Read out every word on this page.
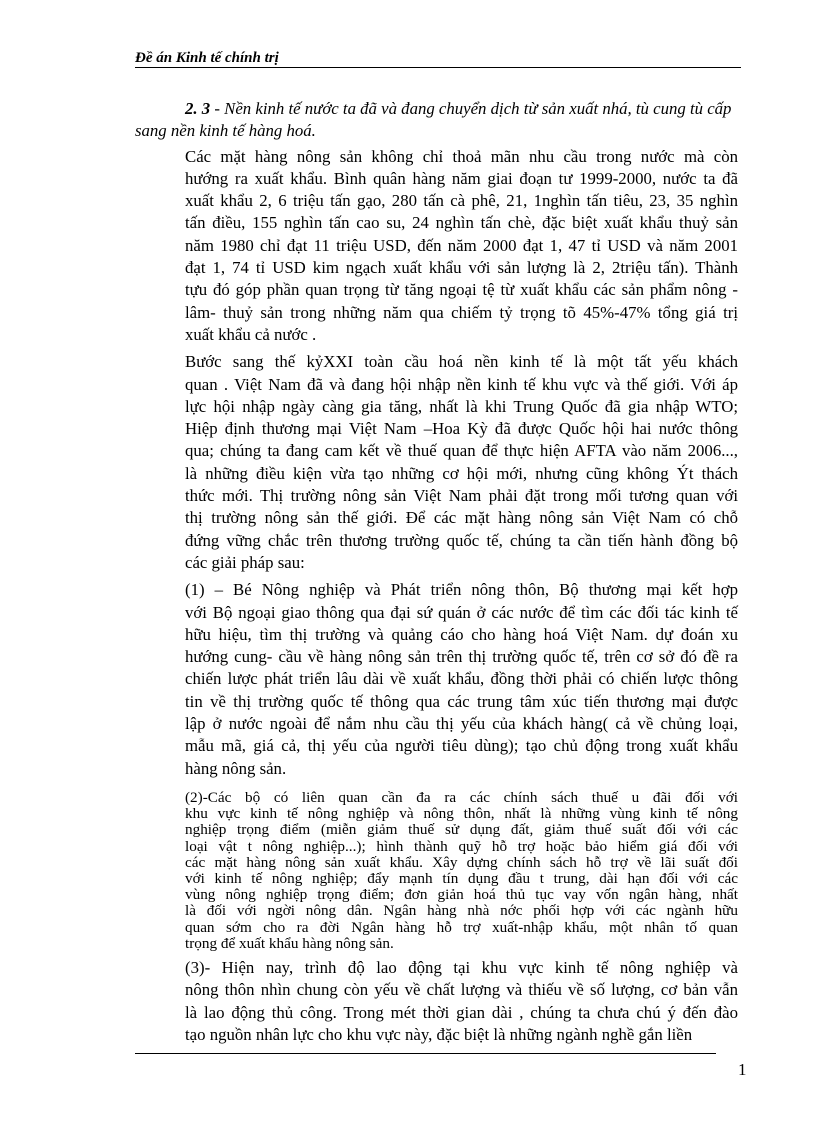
Đề án Kinh tế chính trị

2. 3 - Nền kinh tế nước ta đã và đang chuyển dịch từ sản xuất nhá, tù cung tù cấp sang nền kinh tế hàng hoá.

Các mặt hàng nông sản không chỉ thoả mãn nhu cầu trong nước mà còn
hướng ra xuất khẩu. Bình quân hàng năm giai đoạn tư 1999-2000, nước ta đã
xuất khẩu 2, 6 triệu tấn gạo, 280 tấn cà phê, 21, 1nghìn tấn tiêu, 23, 35 nghìn
tấn điều, 155 nghìn tấn cao su, 24 nghìn tấn chè, đặc biệt xuất khẩu thuỷ sản
năm 1980 chỉ đạt 11 triệu USD, đến năm 2000 đạt 1, 47 tỉ USD và năm 2001
đạt 1, 74 tỉ USD kim ngạch xuất khẩu với sản lượng là 2, 2triệu tấn). Thành
tựu đó góp phần quan trọng từ tăng ngoại tệ từ xuất khẩu các sản phẩm nông -
lâm- thuỷ sản trong những năm qua chiếm tỷ trọng tõ 45%-47% tổng giá trị
xuất khẩu cả nước .

Bước sang thế kỷXXI toàn cầu hoá nền kinh tế là một tất yếu khách
quan . Việt Nam đã và đang hội nhập nền kinh tế khu vực và thế giới. Với áp
lực hội nhập ngày càng gia tăng, nhất là khi Trung Quốc đã gia nhập WTO;
Hiệp định thương mại Việt Nam –Hoa Kỳ đã được Quốc hội hai nước thông
qua; chúng ta đang cam kết về thuế quan để thực hiện AFTA vào năm 2006...,
là những điều kiện vừa tạo những cơ hội mới, nhưng cũng không Ýt thách
thức mới. Thị trường nông sản Việt Nam phải đặt trong mối tương quan với
thị trường nông sản thế giới. Để các mặt hàng nông sản Việt Nam có chỗ
đứng vững chắc trên thương trường quốc tế, chúng ta cần tiến hành đồng bộ
các giải pháp sau:

(1) – Bé Nông nghiệp và Phát triển nông thôn, Bộ thương mại kết hợp
với Bộ ngoại giao thông qua đại sứ quán ở các nước để tìm các đối tác kinh tế
hữu hiệu, tìm thị trường và quảng cáo cho hàng hoá Việt Nam. dự đoán xu
hướng cung- cầu về hàng nông sản trên thị trường quốc tế, trên cơ sở đó đề ra
chiến lược phát triển lâu dài về xuất khẩu, đồng thời phải có chiến lược thông
tin về thị trường quốc tế thông qua các trung tâm xúc tiến thương mại được
lập ở nước ngoài để nắm nhu cầu thị yếu của khách hàng( cả về chủng loại,
mẫu mã, giá cả, thị yếu của người tiêu dùng); tạo chủ động trong xuất khẩu
hàng nông sản.

(2)-Các bộ có liên quan cần đa ra các chính sách thuế u đãi đối với
khu vực kinh tế nông nghiệp và nông thôn, nhất là những vùng kinh tế nông
nghiệp trọng điểm (miễn giảm thuế sử dụng đất, giảm thuế suất đối với các
loại vật t nông nghiệp...); hình thành quỹ hỗ trợ hoặc bảo hiểm giá đối với
các mặt hàng nông sản xuất khẩu. Xây dựng chính sách hỗ trợ về lãi suất đối
với kinh tế nông nghiệp; đẩy mạnh tín dụng đầu t trung, dài hạn đối với các
vùng nông nghiệp trọng điểm; đơn giản hoá thủ tục vay vốn ngân hàng, nhất
là đối với ngời nông dân. Ngân hàng nhà nớc phối hợp với các ngành hữu
quan sớm cho ra đời Ngân hàng hỗ trợ xuất-nhập khẩu, một nhân tố quan
trọng để xuất khẩu hàng nông sản.

(3)- Hiện nay, trình độ lao động tại khu vực kinh tế nông nghiệp và
nông thôn nhìn chung còn yếu về chất lượng và thiếu về số lượng, cơ bản vẫn
là lao động thủ công. Trong mét thời gian dài , chúng ta chưa chú ý đến đào
tạo nguồn nhân lực cho khu vực này, đặc biệt là những ngành nghề gắn liền

1
